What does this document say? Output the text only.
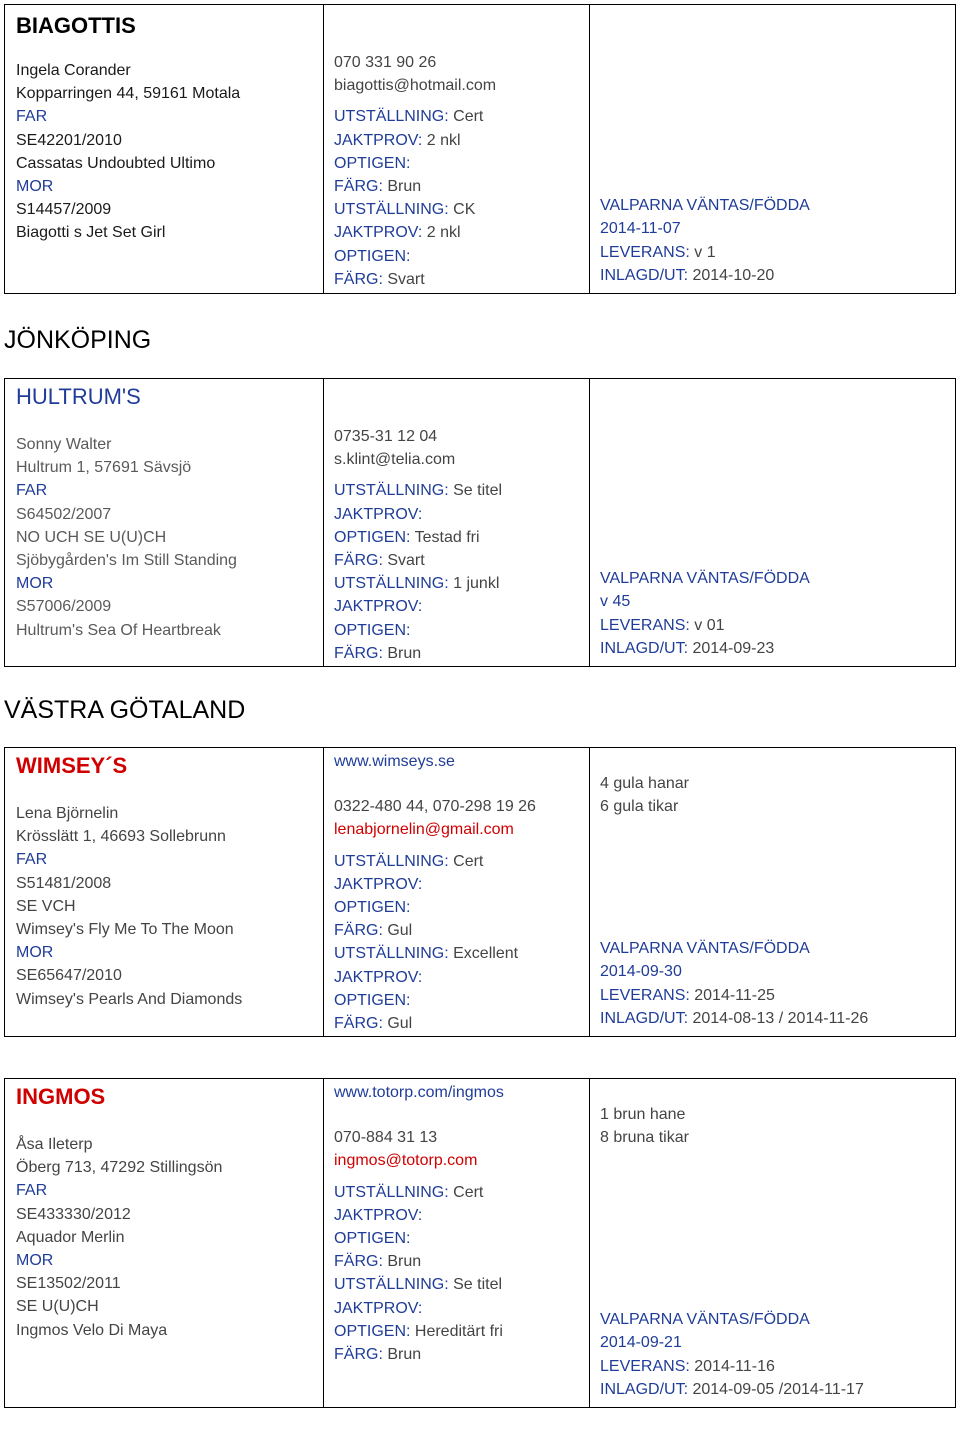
BIAGOTTIS
Ingela Corander
Kopparringen 44, 59161 Motala
FAR
SE42201/2010
Cassatas Undoubted Ultimo
MOR
S14457/2009
Biagotti s Jet Set Girl
070 331 90 26
biagottis@hotmail.com
UTSTÄLLNING: Cert
JAKTPROV: 2 nkl
OPTIGEN:
FÄRG: Brun
UTSTÄLLNING: CK
JAKTPROV: 2 nkl
OPTIGEN:
FÄRG: Svart
VALPARNA VÄNTAS/FÖDDA
2014-11-07
LEVERANS: v 1
INLAGD/UT: 2014-10-20
JÖNKÖPING
HULTRUM'S
Sonny Walter
Hultrum 1, 57691 Sävsjö
FAR
S64502/2007
NO UCH SE U(U)CH
Sjöbygården's Im Still Standing
MOR
S57006/2009
Hultrum's Sea Of Heartbreak
0735-31 12 04
s.klint@telia.com
UTSTÄLLNING: Se titel
JAKTPROV:
OPTIGEN: Testad fri
FÄRG: Svart
UTSTÄLLNING: 1 junkl
JAKTPROV:
OPTIGEN:
FÄRG: Brun
VALPARNA VÄNTAS/FÖDDA
v 45
LEVERANS: v 01
INLAGD/UT: 2014-09-23
VÄSTRA GÖTALAND
WIMSEY´S
Lena Björnelin
Krösslätt 1, 46693 Sollebrunn
FAR
S51481/2008
SE VCH
Wimsey's Fly Me To The Moon
MOR
SE65647/2010
Wimsey's Pearls And Diamonds
www.wimseys.se
0322-480 44, 070-298 19 26
lenabjornelin@gmail.com
UTSTÄLLNING: Cert
JAKTPROV:
OPTIGEN:
FÄRG: Gul
UTSTÄLLNING: Excellent
JAKTPROV:
OPTIGEN:
FÄRG: Gul
4 gula hanar
6 gula tikar
VALPARNA VÄNTAS/FÖDDA
2014-09-30
LEVERANS: 2014-11-25
INLAGD/UT: 2014-08-13 / 2014-11-26
INGMOS
Åsa Ileterp
Öberg 713, 47292 Stillingsön
FAR
SE433330/2012
Aquador Merlin
MOR
SE13502/2011
SE U(U)CH
Ingmos Velo Di Maya
www.totorp.com/ingmos
070-884 31 13
ingmos@totorp.com
UTSTÄLLNING: Cert
JAKTPROV:
OPTIGEN:
FÄRG: Brun
UTSTÄLLNING: Se titel
JAKTPROV:
OPTIGEN: Hereditärt fri
FÄRG: Brun
1 brun hane
8 bruna tikar
VALPARNA VÄNTAS/FÖDDA
2014-09-21
LEVERANS: 2014-11-16
INLAGD/UT: 2014-09-05 /2014-11-17
